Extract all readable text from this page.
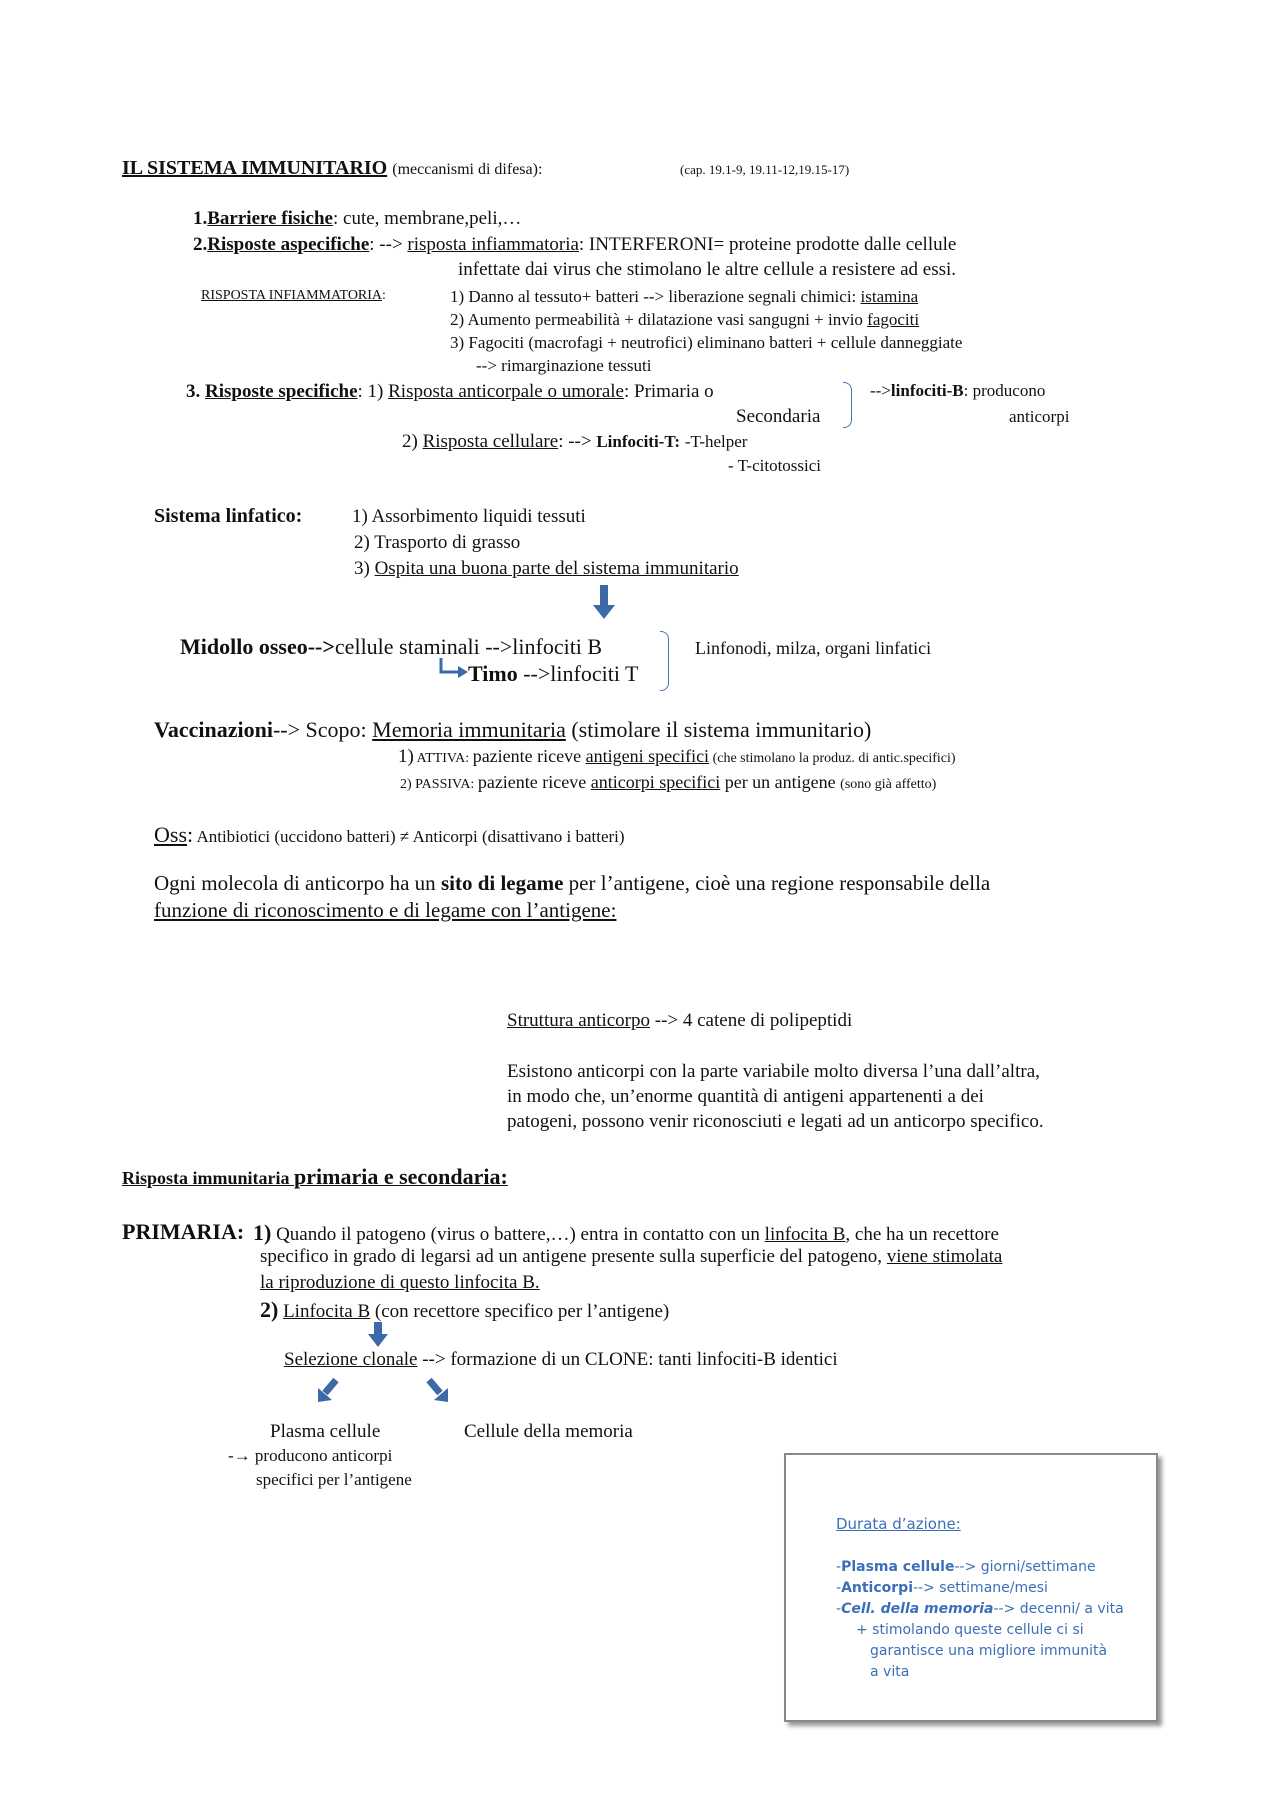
IL SISTEMA IMMUNITARIO (meccanismi di difesa):	(cap. 19.1-9, 19.11-12,19.15-17)
1.Barriere fisiche: cute, membrane,peli,…
2.Risposte aspecifiche: --> risposta infiammatoria: INTERFERONI= proteine prodotte dalle cellule
infettate dai virus che stimolano le altre cellule a resistere ad essi.
RISPOSTA INFIAMMATORIA:	1) Danno al tessuto+ batteri --> liberazione segnali chimici: istamina
2) Aumento permeabilità + dilatazione vasi sangugni + invio fagociti
3) Fagociti (macrofagi + neutrofici) eliminano batteri + cellule danneggiate
--> rimarginazione tessuti
3. Risposte specifiche: 1) Risposta anticorpale o umorale: Primaria o
Secondaria
-->linfociti-B: producono
anticorpi
2) Risposta cellulare: --> Linfociti-T: -T-helper
- T-citotossici
Sistema linfatico:	1) Assorbimento liquidi tessuti
2) Trasporto di grasso
3) Ospita una buona parte del sistema immunitario
Midollo osseo-->cellule staminali -->linfociti B
Timo -->linfociti T
Linfonodi, milza, organi linfatici
Vaccinazioni--> Scopo: Memoria immunitaria (stimolare il sistema immunitario)
1) ATTIVA: paziente riceve antigeni specifici (che stimolano la produz. di antic.specifici)
2) PASSIVA: paziente riceve anticorpi specifici per un antigene (sono già affetto)
Oss: Antibiotici (uccidono batteri) ≠ Anticorpi (disattivano i batteri)
Ogni molecola di anticorpo ha un sito di legame per l’antigene, cioè una regione responsabile della
funzione di riconoscimento e di legame con l’antigene:
Struttura anticorpo --> 4 catene di polipeptidi
Esistono anticorpi con la parte variabile molto diversa l’una dall’altra,
in modo che, un’enorme quantità di antigeni appartenenti a dei
patogeni, possono venir riconosciuti e legati ad un anticorpo specifico.
Risposta immunitaria primaria e secondaria:
PRIMARIA: 1) Quando il patogeno (virus o battere,…) entra in contatto con un linfocita B, che ha un recettore
specifico in grado di legarsi ad un antigene presente sulla superficie del patogeno, viene stimolata
la riproduzione di questo linfocita B.
2) Linfocita B (con recettore specifico per l’antigene)
Selezione clonale --> formazione di un CLONE: tanti linfociti-B identici
Plasma cellule	Cellule della memoria
-→ producono anticorpi
specifici per l’antigene
Durata d’azione:
-Plasma cellule--> giorni/settimane
-Anticorpi--> settimane/mesi
-Cell. della memoria--> decenni/ a vita
+ stimolando queste cellule ci si
garantisce una migliore immunità
a vita
